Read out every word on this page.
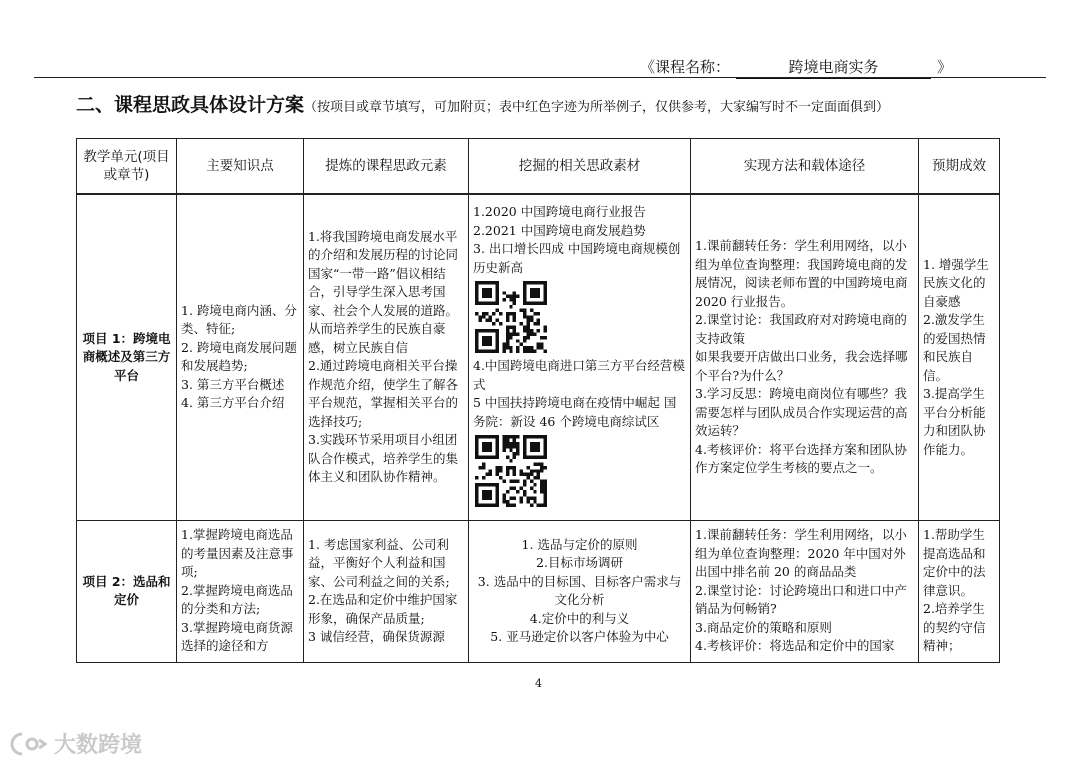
《课程名称：	跨境电商实务	》
二、课程思政具体设计方案（按项目或章节填写，可加附页；表中红色字迹为所举例子，仅供参考，大家编写时不一定面面俱到）
教学单元(项目或章节)	主要知识点	提炼的课程思政元素	挖掘的相关思政素材	实现方法和载体途径	预期成效
项目 1：跨境电商概述及第三方平台	1. 跨境电商内涵、分类、特征;
2. 跨境电商发展问题和发展趋势;
3. 第三方平台概述
4. 第三方平台介绍	1.将我国跨境电商发展水平的介绍和发展历程的讨论同国家“一带一路”倡议相结合，引导学生深入思考国家、社会个人发展的道路。从而培养学生的民族自豪感，树立民族自信
2.通过跨境电商相关平台操作规范介绍，使学生了解各平台规范，掌握相关平台的选择技巧;
3.实践环节采用项目小组团队合作模式，培养学生的集体主义和团队协作精神。	1.2020 中国跨境电商行业报告
2.2021 中国跨境电商发展趋势
3. 出口增长四成 中国跨境电商规模创历史新高
4.中国跨境电商进口第三方平台经营模式
5 中国扶持跨境电商在疫情中崛起 国务院：新设 46 个跨境电商综试区	1.课前翻转任务：学生利用网络，以小组为单位查询整理：我国跨境电商的发展情况，阅读老师布置的中国跨境电商 2020 行业报告。
2.课堂讨论：我国政府对对跨境电商的支持政策
如果我要开店做出口业务，我会选择哪个平台?为什么？
3.学习反思：跨境电商岗位有哪些？我需要怎样与团队成员合作实现运营的高效运转？
4.考核评价：将平台选择方案和团队协作方案定位学生考核的要点之一。	1. 增强学生民族文化的自豪感
2.激发学生的爱国热情和民族自信。
3.提高学生平台分析能力和团队协作能力。

项目 2：选品和定价	1.掌握跨境电商选品的考量因素及注意事项;
2.掌握跨境电商选品的分类和方法;
3.掌握跨境电商货源选择的途径和方	1. 考虑国家利益、公司利益，平衡好个人利益和国家、公司利益之间的关系;
2.在选品和定价中维护国家形象，确保产品质量;
3 诚信经营，确保货源源	1. 选品与定价的原则
2.目标市场调研
3. 选品中的目标国、目标客户需求与文化分析
4.定价中的利与义
5. 亚马逊定价以客户体验为中心	1.课前翻转任务：学生利用网络，以小组为单位查询整理：2020 年中国对外出国中排名前 20 的商品品类
2.课堂讨论：讨论跨境出口和进口中产销品为何畅销?
3.商品定价的策略和原则
4.考核评价：将选品和定价中的国家	1.帮助学生提高选品和定价中的法律意识。
2.培养学生的契约守信精神；
4
大数跨境
